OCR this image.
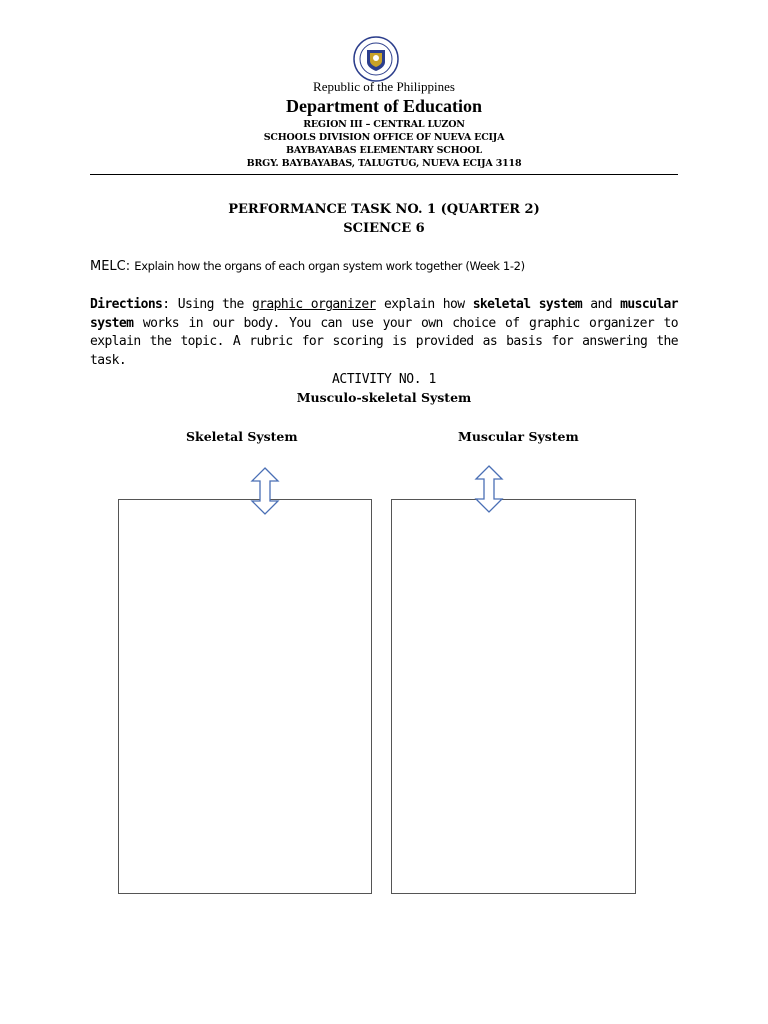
Republic of the Philippines
Department of Education
REGION III – CENTRAL LUZON
SCHOOLS DIVISION OFFICE OF NUEVA ECIJA
BAYBAYABAS ELEMENTARY SCHOOL
BRGY. BAYBAYABAS, TALUGTUG, NUEVA ECIJA 3118
PERFORMANCE TASK NO. 1 (QUARTER 2)
SCIENCE 6
MELC: Explain how the organs of each organ system work together (Week 1-2)
Directions: Using the graphic organizer explain how skeletal system and muscular system works in our body. You can use your own choice of graphic organizer to explain the topic. A rubric for scoring is provided as basis for answering the task.
ACTIVITY NO. 1
Musculo-skeletal System
Skeletal System	Muscular System
